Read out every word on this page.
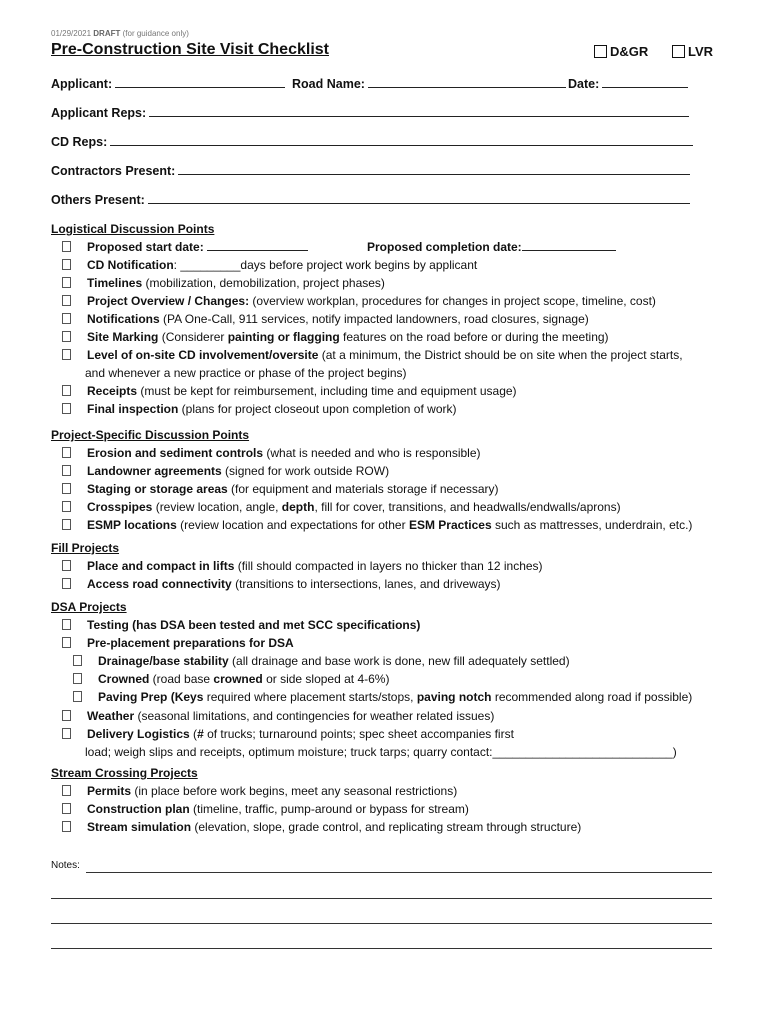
01/29/2021 DRAFT (for guidance only)
Pre-Construction Site Visit Checklist	D&GR	LVR
Applicant:	Road Name:	Date:
Applicant Reps:
CD Reps:
Contractors Present:
Others Present:
Logistical Discussion Points
Proposed start date:	Proposed completion date:
CD Notification: _________days before project work begins by applicant
Timelines (mobilization, demobilization, project phases)
Project Overview / Changes: (overview workplan, procedures for changes in project scope, timeline, cost)
Notifications (PA One-Call, 911 services, notify impacted landowners, road closures, signage)
Site Marking (Considerer painting or flagging features on the road before or during the meeting)
Level of on-site CD involvement/oversite (at a minimum, the District should be on site when the project starts,
and whenever a new practice or phase of the project begins)
Receipts (must be kept for reimbursement, including time and equipment usage)
Final inspection (plans for project closeout upon completion of work)
Project-Specific Discussion Points
Erosion and sediment controls (what is needed and who is responsible)
Landowner agreements (signed for work outside ROW)
Staging or storage areas (for equipment and materials storage if necessary)
Crosspipes (review location, angle, depth, fill for cover, transitions, and headwalls/endwalls/aprons)
ESMP locations (review location and expectations for other ESM Practices such as mattresses, underdrain, etc.)
Fill Projects
Place and compact in lifts (fill should compacted in layers no thicker than 12 inches)
Access road connectivity (transitions to intersections, lanes, and driveways)
DSA Projects
Testing (has DSA been tested and met SCC specifications)
Pre-placement preparations for DSA
Drainage/base stability (all drainage and base work is done, new fill adequately settled)
Crowned (road base crowned or side sloped at 4-6%)
Paving Prep (Keys required where placement starts/stops, paving notch recommended along road if possible)
Weather (seasonal limitations, and contingencies for weather related issues)
Delivery Logistics (# of trucks; turnaround points; spec sheet accompanies first
load; weigh slips and receipts, optimum moisture; truck tarps; quarry contact:___________________________)
Stream Crossing Projects
Permits (in place before work begins, meet any seasonal restrictions)
Construction plan (timeline, traffic, pump-around or bypass for stream)
Stream simulation (elevation, slope, grade control, and replicating stream through structure)
Notes:
